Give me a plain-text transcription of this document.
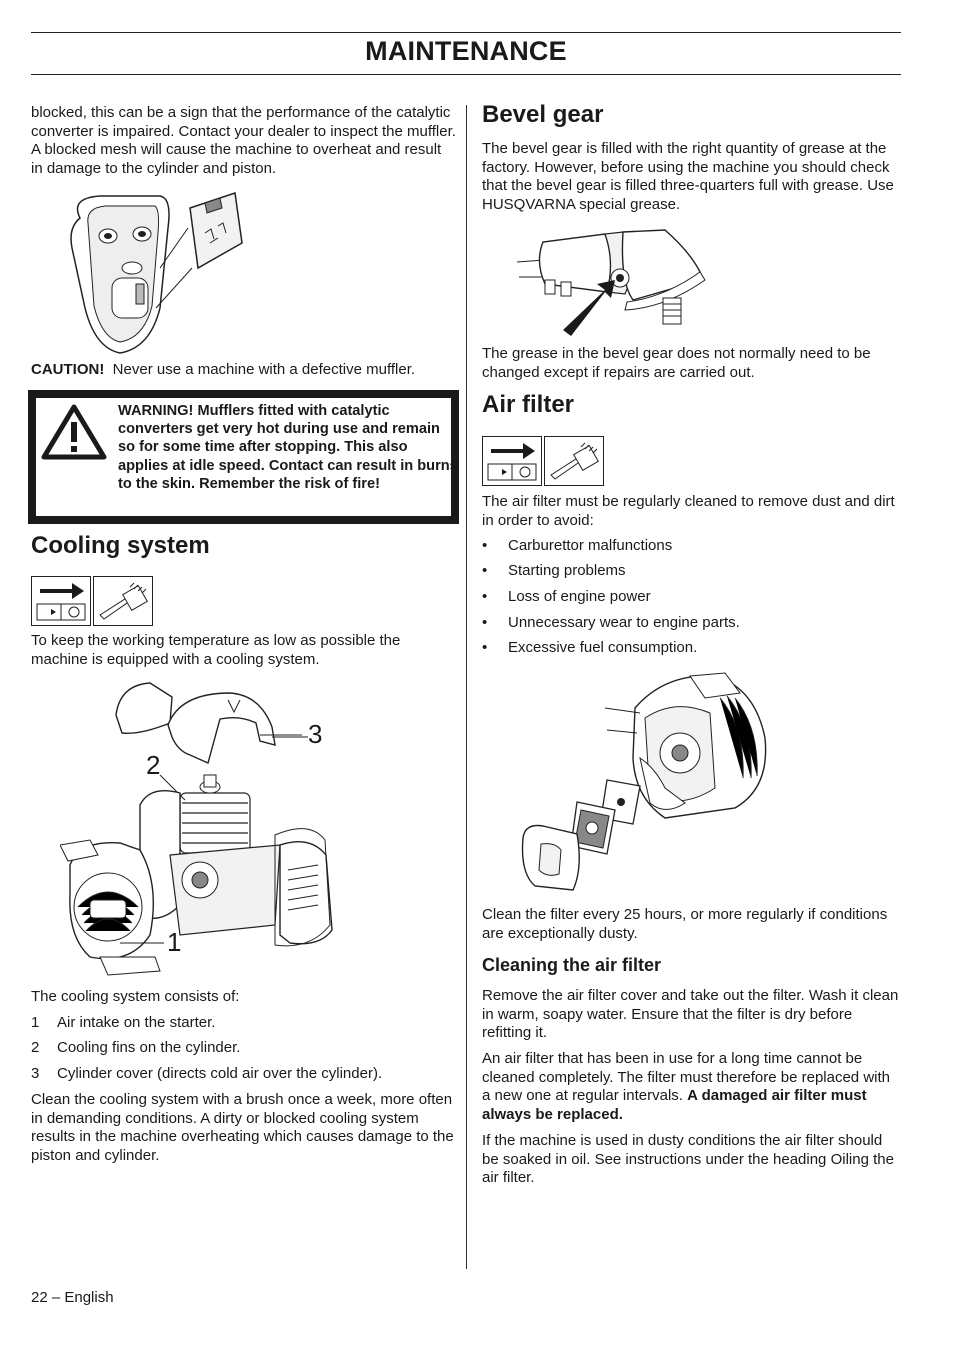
MAINTENANCE

blocked, this can be a sign that the performance of the catalytic converter is impaired. Contact your dealer to inspect the muffler. A blocked mesh will cause the machine to overheat and result in damage to the cylinder and piston.

CAUTION! Never use a machine with a defective muffler.

WARNING! Mufflers fitted with catalytic converters get very hot during use and remain so for some time after stopping. This also applies at idle speed. Contact can result in burns to the skin. Remember the risk of fire!
Cooling system

To keep the working temperature as low as possible the machine is equipped with a cooling system.

3
2
1

The cooling system consists of:

1 Air intake on the starter.
2 Cooling fins on the cylinder.
3 Cylinder cover (directs cold air over the cylinder).

Clean the cooling system with a brush once a week, more often in demanding conditions. A dirty or blocked cooling system results in the machine overheating which causes damage to the piston and cylinder.

Bevel gear

The bevel gear is filled with the right quantity of grease at the factory. However, before using the machine you should check that the bevel gear is filled three-quarters full with grease. Use HUSQVARNA special grease.

The grease in the bevel gear does not normally need to be changed except if repairs are carried out.

Air filter

The air filter must be regularly cleaned to remove dust and dirt in order to avoid:

• Carburettor malfunctions
• Starting problems
• Loss of engine power
• Unnecessary wear to engine parts.
• Excessive fuel consumption.

Clean the filter every 25 hours, or more regularly if conditions are exceptionally dusty.

Cleaning the air filter

Remove the air filter cover and take out the filter. Wash it clean in warm, soapy water. Ensure that the filter is dry before refitting it.

An air filter that has been in use for a long time cannot be cleaned completely. The filter must therefore be replaced with a new one at regular intervals. A damaged air filter must always be replaced.

If the machine is used in dusty conditions the air filter should be soaked in oil. See instructions under the heading Oiling the air filter.

22 – English
